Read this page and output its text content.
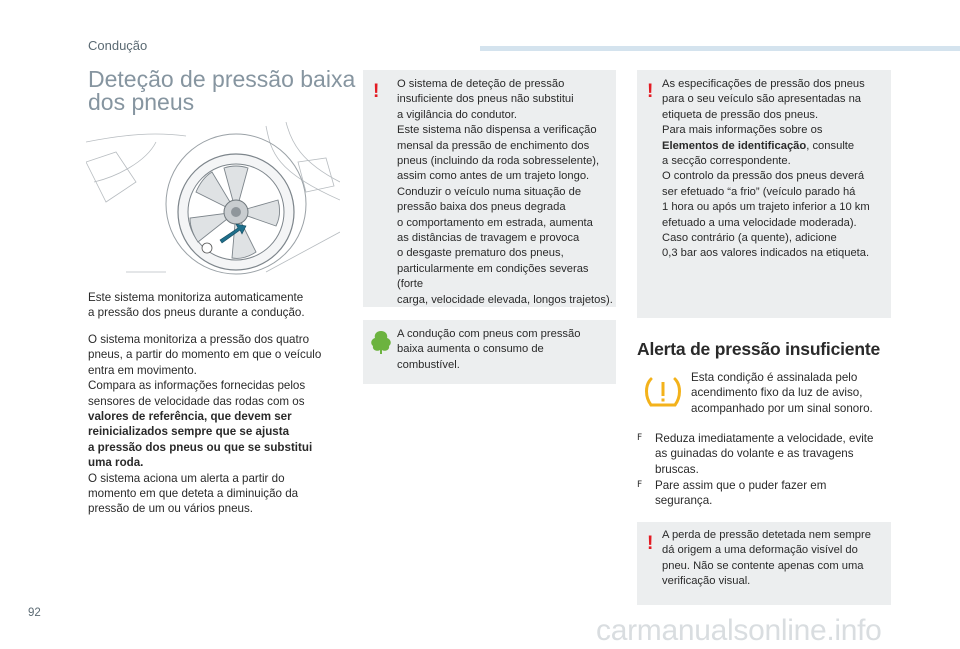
Condução
Deteção de pressão baixa
dos pneus

Este sistema monitoriza automaticamente

a pressão dos pneus durante a condução.

O sistema monitoriza a pressão dos quatro

pneus, a partir do momento em que o veículo

entra em movimento.

Compara as informações fornecidas pelos

sensores de velocidade das rodas com os

valores de referência, que devem ser

reinicializados sempre que se ajusta

a pressão dos pneus ou que se substitui

uma roda.

O sistema aciona um alerta a partir do

momento em que deteta a diminuição da

pressão de um ou vários pneus.

! O sistema de deteção de pressão

insuficiente dos pneus não substitui

a vigilância do condutor.

Este sistema não dispensa a verificação

mensal da pressão de enchimento dos

pneus (incluindo da roda sobresselente),

assim como antes de um trajeto longo.

Conduzir o veículo numa situação de

pressão baixa dos pneus degrada

o comportamento em estrada, aumenta

as distâncias de travagem e provoca

o desgaste prematuro dos pneus,

particularmente em condições severas (forte

carga, velocidade elevada, longos trajetos).

A condução com pneus com pressão

baixa aumenta o consumo de

combustível.

! As especificações de pressão dos pneus

para o seu veículo são apresentadas na

etiqueta de pressão dos pneus.

Para mais informações sobre os

Elementos de identificação, consulte

a secção correspondente.

O controlo da pressão dos pneus deverá

ser efetuado “a frio” (veículo parado há

1 hora ou após um trajeto inferior a 10 km

efetuado a uma velocidade moderada).

Caso contrário (a quente), adicione

0,3 bar aos valores indicados na etiqueta.

Alerta de pressão insuficiente

Esta condição é assinalada pelo

acendimento fixo da luz de aviso,

acompanhado por um sinal sonoro.

F Reduza imediatamente a velocidade, evite
as guinadas do volante e as travagens
bruscas.
F Pare assim que o puder fazer em
segurança.
! A perda de pressão detetada nem sempre

dá origem a uma deformação visível do

pneu. Não se contente apenas com uma

verificação visual.

92
carmanualsonline.info
